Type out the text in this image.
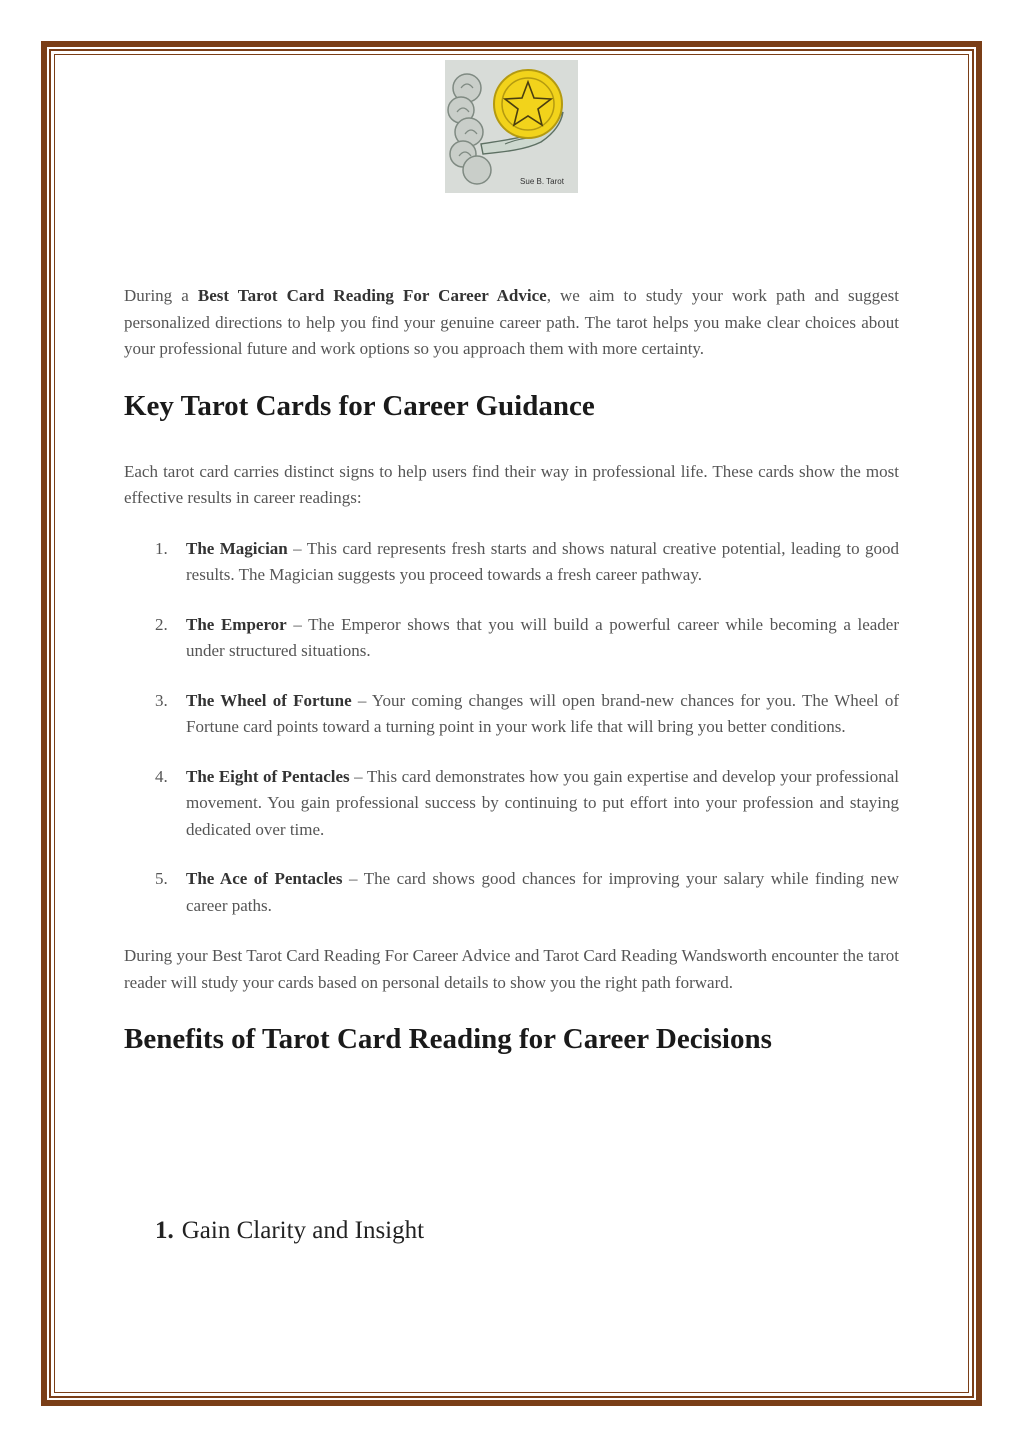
Sue B. Tarot

During a Best Tarot Card Reading For Career Advice, we aim to study your work path and suggest personalized directions to help you find your genuine career path. The tarot helps you make clear choices about your professional future and work options so you approach them with more certainty.

Key Tarot Cards for Career Guidance

Each tarot card carries distinct signs to help users find their way in professional life. These cards show the most effective results in career readings:

1. The Magician – This card represents fresh starts and shows natural creative potential, leading to good results. The Magician suggests you proceed towards a fresh career pathway.
2. The Emperor – The Emperor shows that you will build a powerful career while becoming a leader under structured situations.
3. The Wheel of Fortune – Your coming changes will open brand-new chances for you. The Wheel of Fortune card points toward a turning point in your work life that will bring you better conditions.
4. The Eight of Pentacles – This card demonstrates how you gain expertise and develop your professional movement. You gain professional success by continuing to put effort into your profession and staying dedicated over time.
5. The Ace of Pentacles – The card shows good chances for improving your salary while finding new career paths.

During your Best Tarot Card Reading For Career Advice and Tarot Card Reading Wandsworth encounter the tarot reader will study your cards based on personal details to show you the right path forward.

Benefits of Tarot Card Reading for Career Decisions
1. Gain Clarity and Insight
